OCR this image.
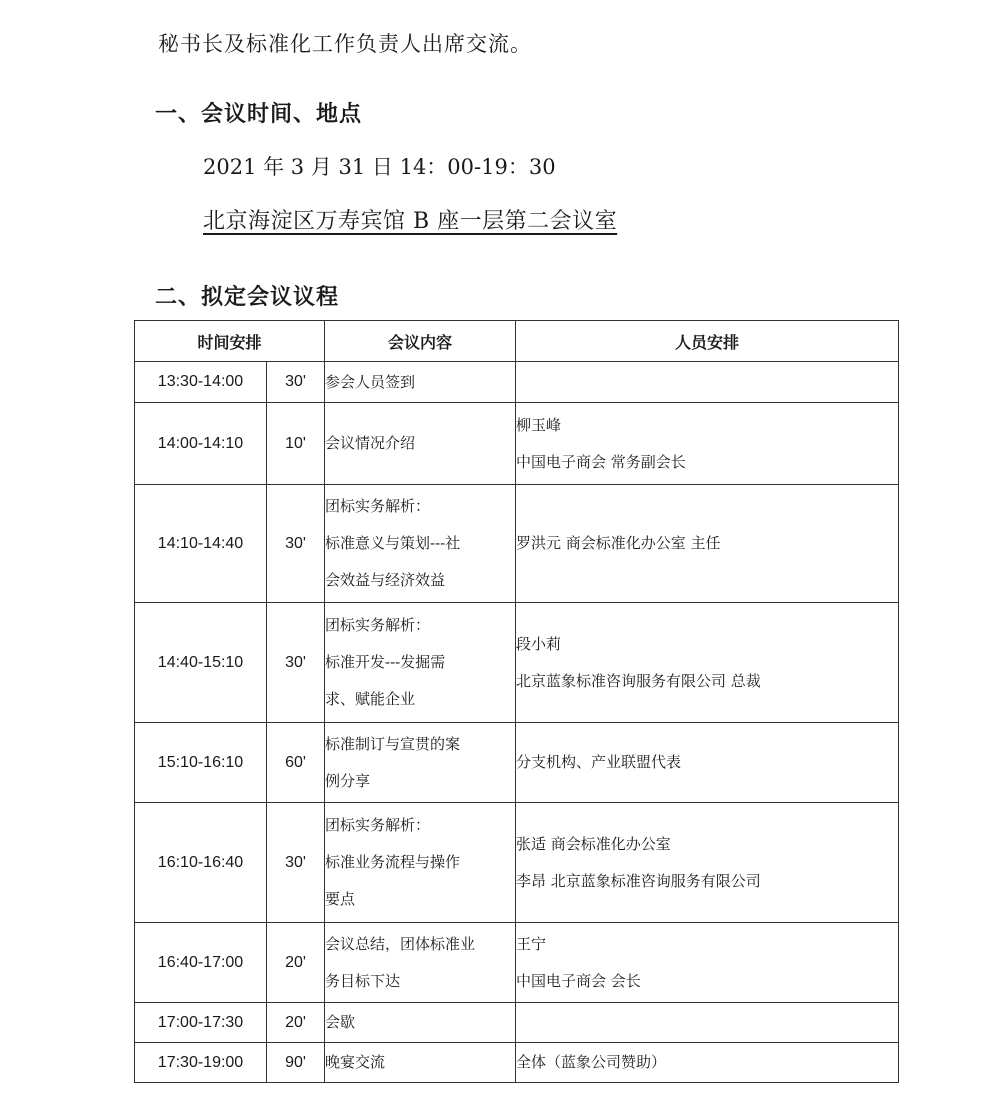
秘书长及标准化工作负责人出席交流。
一、会议时间、地点
2021 年 3 月 31 日 14：00-19：30
北京海淀区万寿宾馆 B 座一层第二会议室
二、拟定会议议程
时间安排		会议内容	人员安排
13:30-14:00	30'	参会人员签到	

14:00-14:10	10'	会议情况介绍	柳玉峰
中国电子商会 常务副会长

14:10-14:40	30'	团标实务解析：
标准意义与策划---社
会效益与经济效益	罗洪元 商会标准化办公室 主任

14:40-15:10	30'	团标实务解析：
标准开发---发掘需
求、赋能企业	段小莉
北京蓝象标准咨询服务有限公司 总裁

15:10-16:10	60'	标准制订与宣贯的案
例分享	分支机构、产业联盟代表

16:10-16:40	30'	团标实务解析：
标准业务流程与操作
要点	张适 商会标准化办公室
李昂 北京蓝象标准咨询服务有限公司

16:40-17:00	20'	会议总结，团体标准业
务目标下达	王宁
中国电子商会 会长

17:00-17:30	20'	会歇	

17:30-19:00	90'	晚宴交流	全体（蓝象公司赞助）
